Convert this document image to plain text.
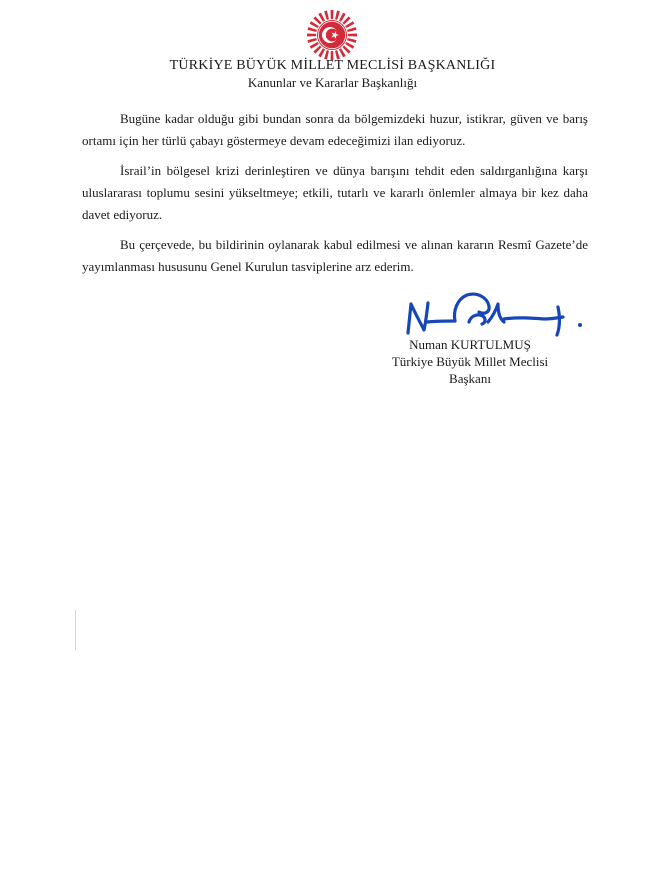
TÜRKİYE BÜYÜK MİLLET MECLİSİ BAŞKANLIĞI
Kanunlar ve Kararlar Başkanlığı

Bugüne kadar olduğu gibi bundan sonra da bölgemizdeki huzur, istikrar, güven ve barış ortamı için her türlü çabayı göstermeye devam edeceğimizi ilan ediyoruz.

İsrail’in bölgesel krizi derinleştiren ve dünya barışını tehdit eden saldırganlığına karşı uluslararası toplumu sesini yükseltmeye; etkili, tutarlı ve kararlı önlemler almaya bir kez daha davet ediyoruz.

Bu çerçevede, bu bildirinin oylanarak kabul edilmesi ve alınan kararın Resmî Gazete’de yayımlanması hususunu Genel Kurulun tasviplerine arz ederim.

Numan KURTULMUŞ
Türkiye Büyük Millet Meclisi
Başkanı
